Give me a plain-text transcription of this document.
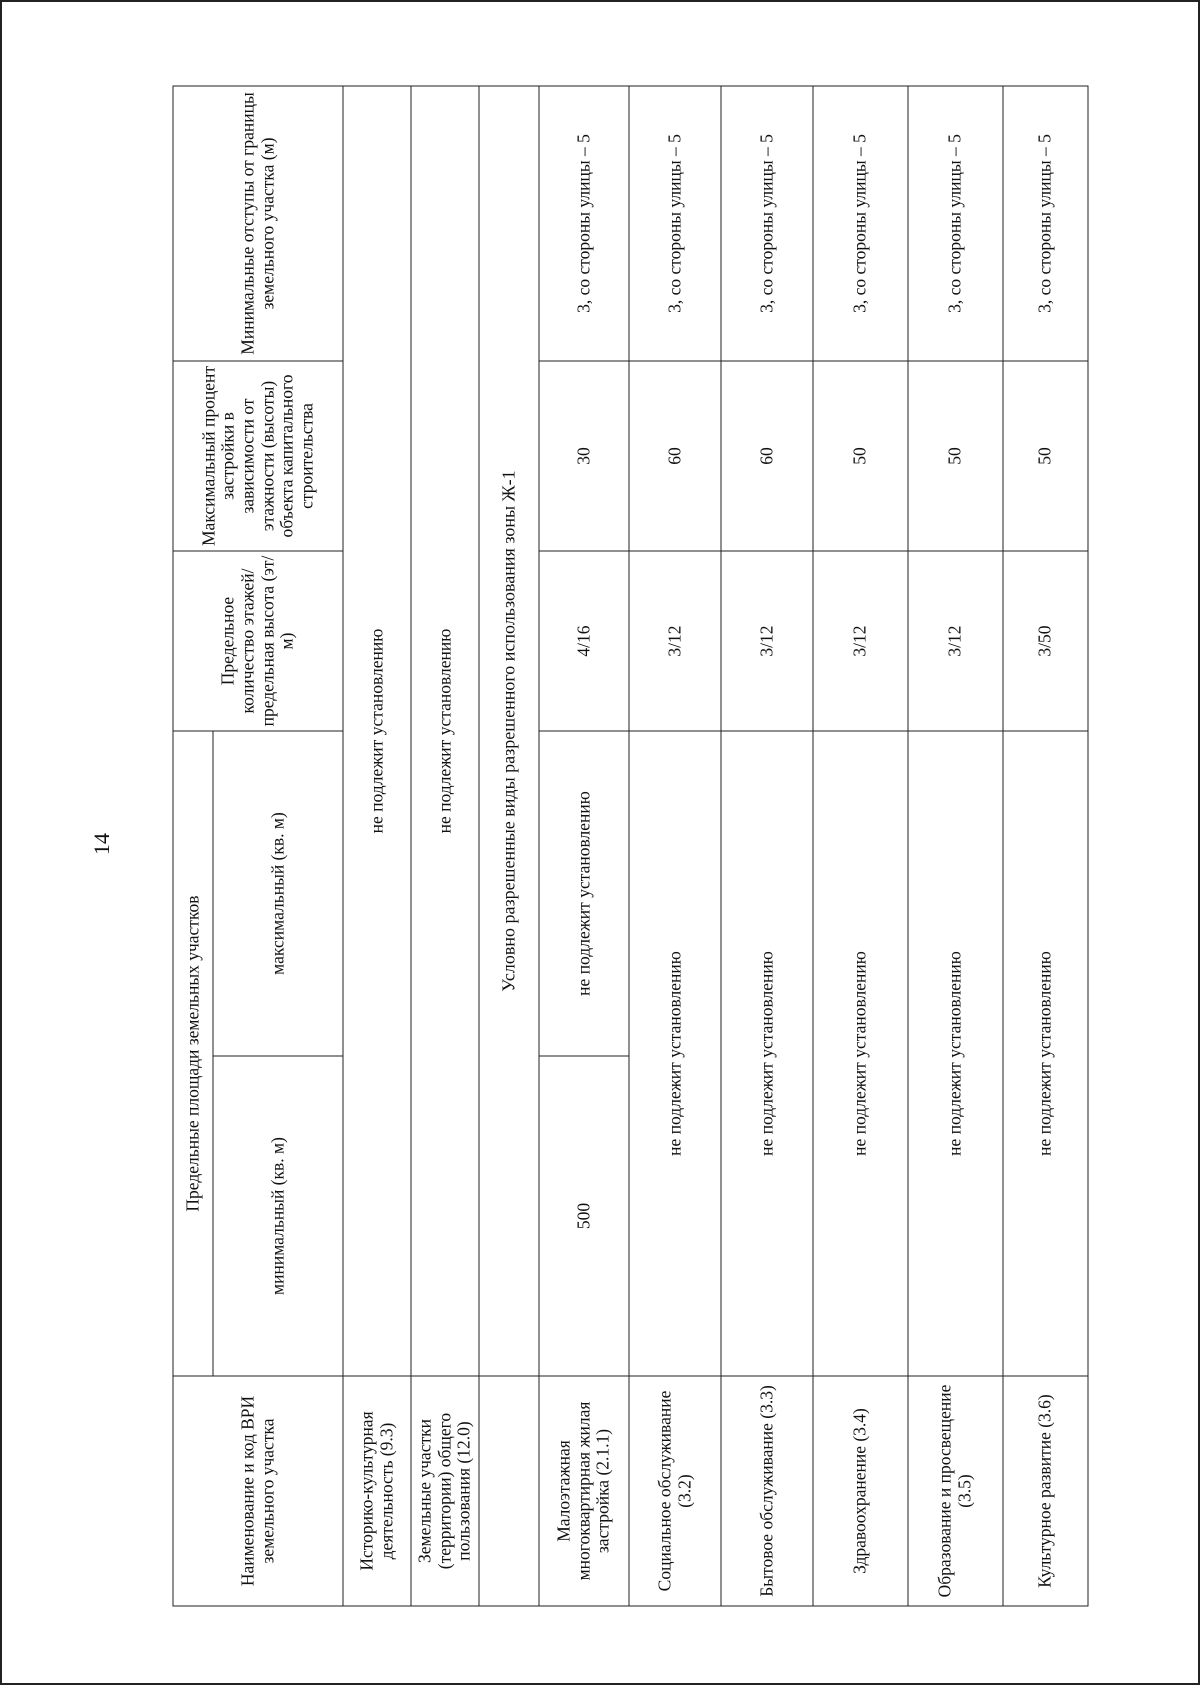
14
Наименование и код ВРИ земельного участка	Предельные площади земельных участков		Предельное количество этажей/ предельная высота (эт/м)	Максимальный процент застройки в зависимости от этажности (высоты) объекта капитального строительства	Минимальные отступы от границы земельного участка (м)
	минимальный (кв. м)	максимальный (кв. м)			
Историко-культурная деятельность (9.3)	не подлежит установлению				
Земельные участки (территории) общего пользования (12.0)	не подлежит установлению				
	Условно разрешенные виды разрешенного использования зоны Ж-1				
Малоэтажная многоквартирная жилая застройка (2.1.1)	500	не подлежит установлению	4/16	30	3, со стороны улицы – 5
Социальное обслуживание (3.2)	не подлежит установлению		3/12	60	3, со стороны улицы – 5
Бытовое обслуживание (3.3)	не подлежит установлению		3/12	60	3, со стороны улицы – 5
Здравоохранение (3.4)	не подлежит установлению		3/12	50	3, со стороны улицы – 5
Образование и просвещение (3.5)	не подлежит установлению		3/12	50	3, со стороны улицы – 5
Культурное развитие (3.6)	не подлежит установлению		3/50	50	3, со стороны улицы – 5
